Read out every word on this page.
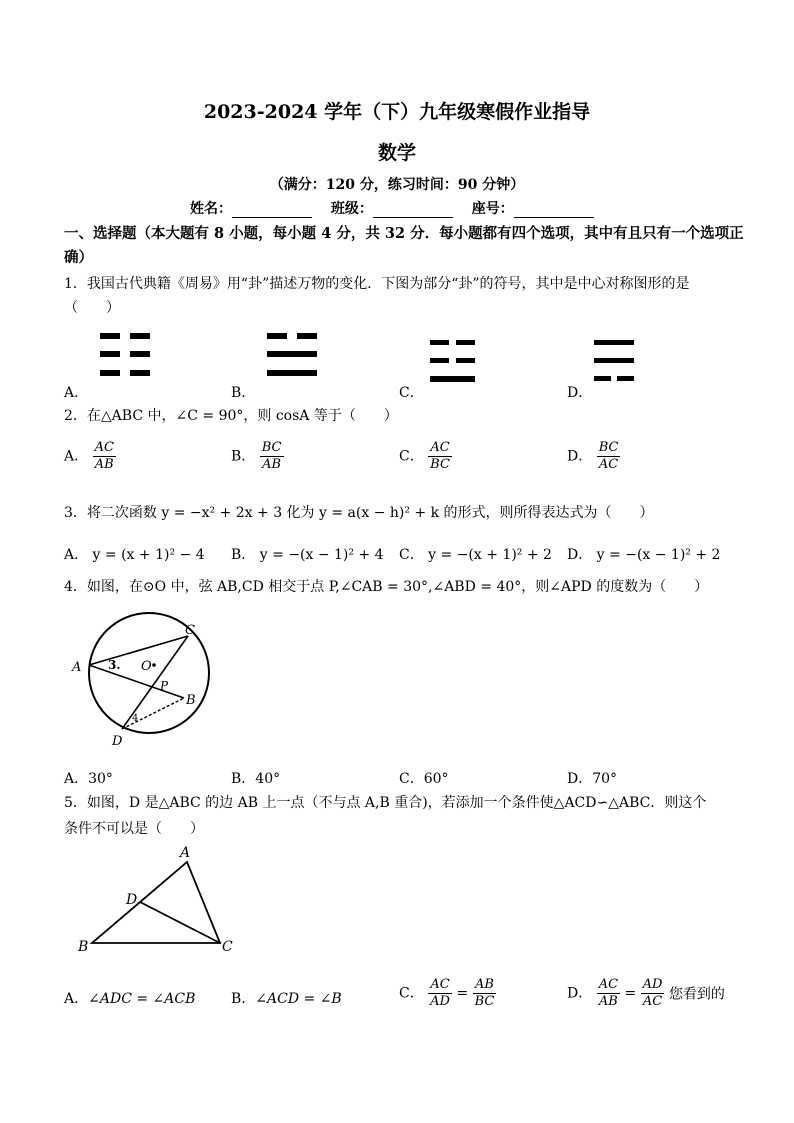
2023-2024 学年（下）九年级寒假作业指导
数学
（满分：120 分，练习时间：90 分钟）
姓名：	班级：	座号：
一、选择题（本大题有 8 小题，每小题 4 分，共 32 分．每小题都有四个选项，其中有且只有一个选项正确）
1．我国古代典籍《周易》用“卦”描述万物的变化．下图为部分“卦”的符号，其中是中心对称图形的是
（　　）
A．	B．	C．	D．
2．在△ABC 中，∠C = 90°，则 cosA 等于（　　）
A． $\frac{AC}{AB}$	B． $\frac{BC}{AB}$	C． $\frac{AC}{BC}$	D． $\frac{BC}{AC}$
3．将二次函数 y = −x² + 2x + 3 化为 y = a(x − h)² + k 的形式，则所得表达式为（　　）
A． y = (x + 1)² − 4 B． y = −(x − 1)² + 4 C． y = −(x + 1)² + 2 D． y = −(x − 1)² + 2
4．如图，在⊙O 中，弦 AB,CD 相交于点 P,∠CAB = 30°,∠ABD = 40°，则∠APD 的度数为（　　）
A
C
B
D
O
P
3.
4
A．30°	B．40°	C．60°	D．70°
5．如图，D 是△ABC 的边 AB 上一点（不与点 A,B 重合)，若添加一个条件使△ACD∽△ABC．则这个
条件不可以是（　　）
A
D
B	C
A．∠ADC = ∠ACB	B．∠ACD = ∠B	C． $\frac{AC}{AD} = \frac{AB}{BC}$	D． $\frac{AC}{AB} = \frac{AD}{AC}$ 您看到的
